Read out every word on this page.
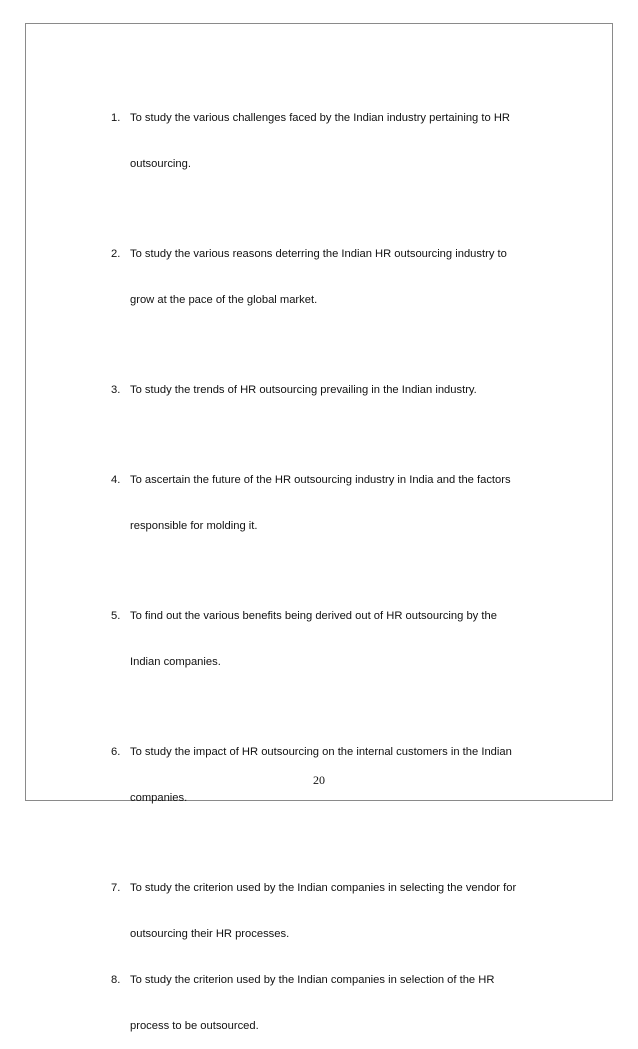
1. To study the various challenges faced by the Indian industry pertaining to HR
outsourcing.
2. To study the various reasons deterring the Indian HR outsourcing industry to
grow at the pace of the global market.
3. To study the trends of HR outsourcing prevailing in the Indian industry.
4. To ascertain the future of the HR outsourcing industry in India and the factors
responsible for molding it.
5. To find out the various benefits being derived out of HR outsourcing by the
Indian companies.
6. To study the impact of HR outsourcing on the internal customers in the Indian
companies.
7. To study the criterion used by the Indian companies in selecting the vendor for
outsourcing their HR processes.
8. To study the criterion used by the Indian companies in selection of the HR
process to be outsourced.
20
